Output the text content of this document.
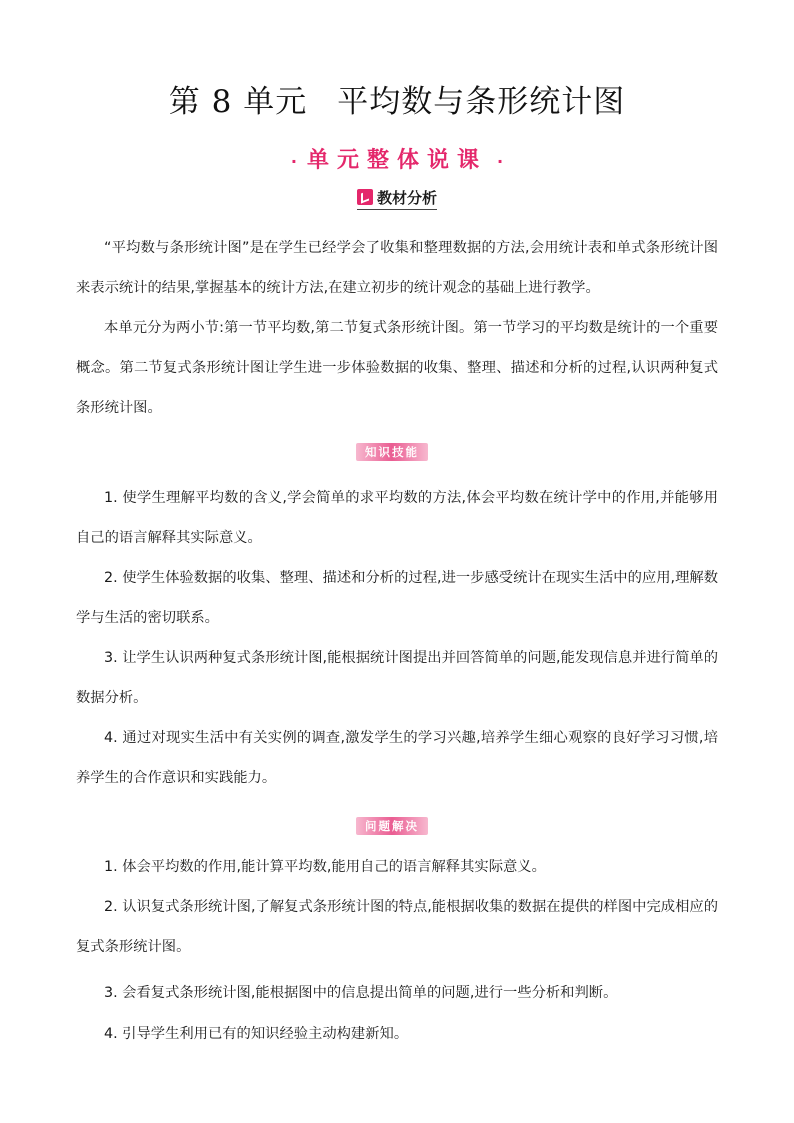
第 8 单元 平均数与条形统计图
· 单元整体说课 ·
教材分析
“平均数与条形统计图”是在学生已经学会了收集和整理数据的方法,会用统计表和单式条形统计图来表示统计的结果,掌握基本的统计方法,在建立初步的统计观念的基础上进行教学。
本单元分为两小节:第一节平均数,第二节复式条形统计图。第一节学习的平均数是统计的一个重要概念。第二节复式条形统计图让学生进一步体验数据的收集、整理、描述和分析的过程,认识两种复式条形统计图。
知识技能
1. 使学生理解平均数的含义,学会简单的求平均数的方法,体会平均数在统计学中的作用,并能够用自己的语言解释其实际意义。
2. 使学生体验数据的收集、整理、描述和分析的过程,进一步感受统计在现实生活中的应用,理解数学与生活的密切联系。
3. 让学生认识两种复式条形统计图,能根据统计图提出并回答简单的问题,能发现信息并进行简单的数据分析。
4. 通过对现实生活中有关实例的调查,激发学生的学习兴趣,培养学生细心观察的良好学习习惯,培养学生的合作意识和实践能力。
问题解决
1. 体会平均数的作用,能计算平均数,能用自己的语言解释其实际意义。
2. 认识复式条形统计图,了解复式条形统计图的特点,能根据收集的数据在提供的样图中完成相应的复式条形统计图。
3. 会看复式条形统计图,能根据图中的信息提出简单的问题,进行一些分析和判断。
4. 引导学生利用已有的知识经验主动构建新知。
